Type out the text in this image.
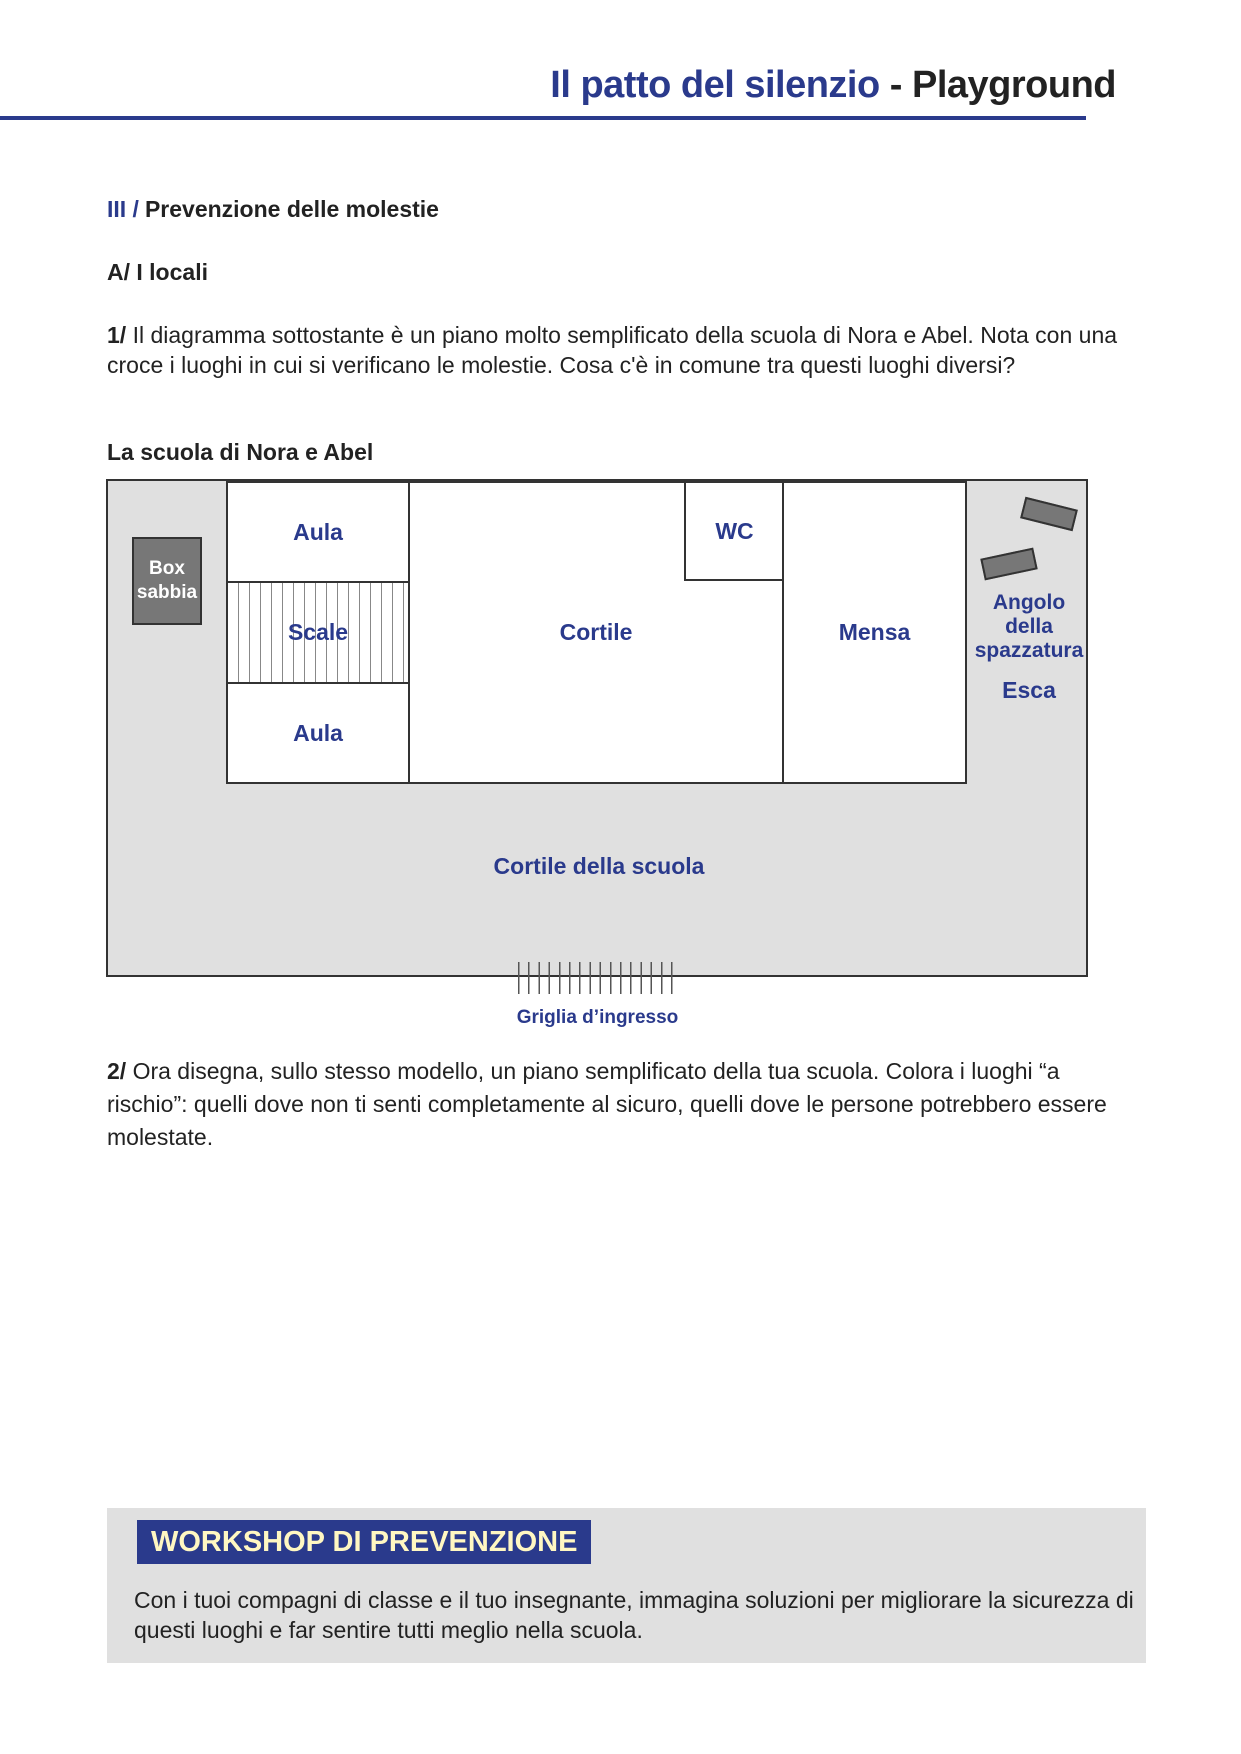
Il patto del silenzio - Playground
III / Prevenzione delle molestie
A/ I locali
1/ Il diagramma sottostante è un piano molto semplificato della scuola di Nora e Abel. Nota con una croce i luoghi in cui si verificano le molestie. Cosa c'è in comune tra questi luoghi diversi?
La scuola di Nora e Abel
Box
sabbia
Aula
Scale
Aula
Cortile
WC
Mensa
Angolo
della
spazzatura
Esca
Cortile della scuola
Griglia d’ingresso
2/ Ora disegna, sullo stesso modello, un piano semplificato della tua scuola. Colora i luoghi “a rischio”: quelli dove non ti senti completamente al sicuro, quelli dove le persone potrebbero essere molestate.
WORKSHOP DI PREVENZIONE
Con i tuoi compagni di classe e il tuo insegnante, immagina soluzioni per migliorare la sicurezza di questi luoghi e far sentire tutti meglio nella scuola.
